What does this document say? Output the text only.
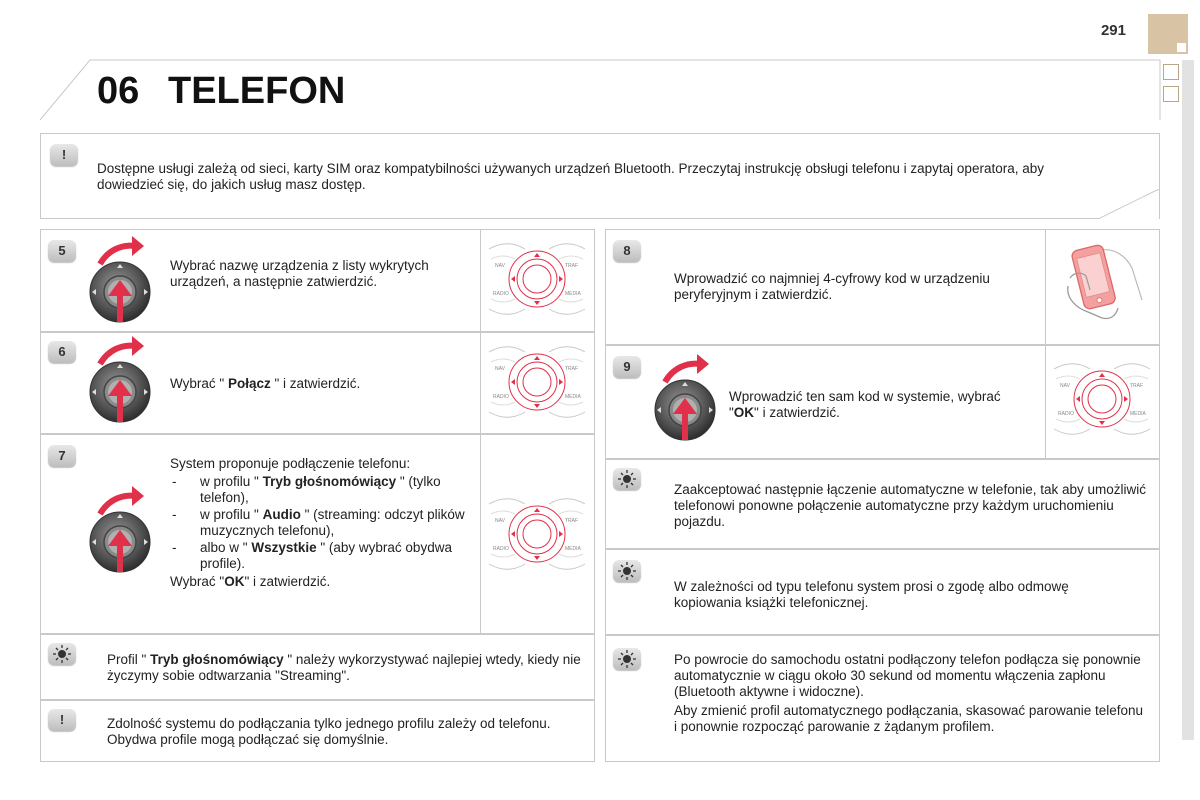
291
06 TELEFON
!
Dostępne usługi zależą od sieci, karty SIM oraz kompatybilności używanych urządzeń Bluetooth. Przeczytaj instrukcję obsługi telefonu i zapytaj operatora, aby dowiedzieć się, do jakich usług masz dostęp.
5
Wybrać nazwę urządzenia z listy wykrytych urządzeń, a następnie zatwierdzić.
NAV	TRAF
RADIO	MEDIA
6
Wybrać " Połącz " i zatwierdzić.
NAV	TRAF
RADIO	MEDIA
7
System proponuje podłączenie telefonu:
- w profilu " Tryb głośnomówiący " (tylko telefon),
- w profilu " Audio " (streaming: odczyt plików muzycznych telefonu),
- albo w " Wszystkie " (aby wybrać obydwa profile).
Wybrać "OK" i zatwierdzić.
NAV	TRAF
RADIO	MEDIA
Profil " Tryb głośnomówiący " należy wykorzystywać najlepiej wtedy, kiedy nie życzymy sobie odtwarzania "Streaming".
!	Zdolność systemu do podłączania tylko jednego profilu zależy od telefonu. Obydwa profile mogą podłączać się domyślnie.
8
Wprowadzić co najmniej 4-cyfrowy kod w urządzeniu peryferyjnym i zatwierdzić.
9
Wprowadzić ten sam kod w systemie, wybrać "OK" i zatwierdzić.
NAV	TRAF
RADIO	MEDIA
Zaakceptować następnie łączenie automatyczne w telefonie, tak aby umożliwić telefonowi ponowne połączenie automatyczne przy każdym uruchomieniu pojazdu.
W zależności od typu telefonu system prosi o zgodę albo odmowę kopiowania książki telefonicznej.
Po powrocie do samochodu ostatni podłączony telefon podłącza się ponownie automatycznie w ciągu około 30 sekund od momentu włączenia zapłonu (Bluetooth aktywne i widoczne).
Aby zmienić profil automatycznego podłączania, skasować parowanie telefonu i ponownie rozpocząć parowanie z żądanym profilem.
